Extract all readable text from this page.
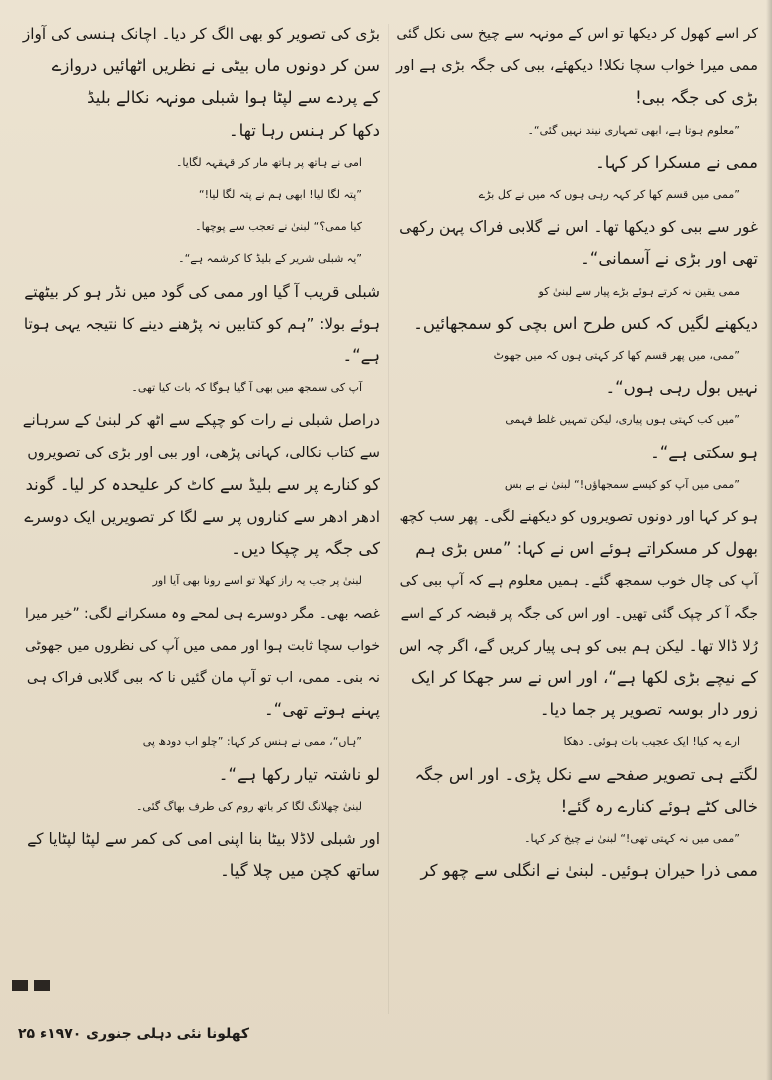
کر اسے کھول کر دیکھا تو اس کے مونہہ سے چیخ سی نکل گئی

ممی میرا خواب سچا نکلا! دیکھئے، ببی کی جگہ بڑی ہے اور

بڑی کی جگہ ببی!

”معلوم ہوتا ہے، ابھی تمہاری نیند نہیں گئی“۔

ممی نے مسکرا کر کہا۔

”ممی میں قسم کھا کر کہہ رہی ہوں کہ میں نے کل بڑے

غور سے ببی کو دیکھا تھا۔ اس نے گلابی فراک پہن رکھی

تھی اور بڑی نے آسمانی“۔

ممی یقین نہ کرتے ہوئے بڑے پیار سے لبنیٰ کو

دیکھنے لگیں کہ کس طرح اس بچی کو سمجھائیں۔

”ممی، میں پھر قسم کھا کر کہتی ہوں کہ میں جھوٹ

نہیں بول رہی ہوں“۔

”میں کب کہتی ہوں پیاری، لیکن تمہیں غلط فہمی

ہو سکتی ہے“۔

”ممی میں آپ کو کیسے سمجھاؤں!“ لبنیٰ نے بے بس

ہو کر کہا اور دونوں تصویروں کو دیکھنے لگی۔ پھر سب کچھ

بھول کر مسکراتے ہوئے اس نے کہا: ”مس بڑی ہم

آپ کی چال خوب سمجھ گئے۔ ہمیں معلوم ہے کہ آپ ببی کی

جگہ آ کر چپک گئی تھیں۔ اور اس کی جگہ پر قبضہ کر کے اسے

رُلا ڈالا تھا۔ لیکن ہم ببی کو ہی پیار کریں گے، اگر چہ اس

کے نیچے بڑی لکھا ہے“، اور اس نے سر جھکا کر ایک

زور دار بوسہ تصویر پر جما دیا۔

ارے یہ کیا! ایک عجیب بات ہوئی۔ دھکا

لگتے ہی تصویر صفحے سے نکل پڑی۔ اور اس جگہ

خالی کٹے ہوئے کنارے رہ گئے!

”ممی میں نہ کہتی تھی!“ لبنیٰ نے چیخ کر کہا۔

ممی ذرا حیران ہوئیں۔ لبنیٰ نے انگلی سے چھو کر

بڑی کی تصویر کو بھی الگ کر دیا۔ اچانک ہنسی کی آواز

سن کر دونوں ماں بیٹی نے نظریں اٹھائیں دروازے

کے پردے سے لپٹا ہوا شبلی مونہہ نکالے بلیڈ

دکھا کر ہنس رہا تھا۔

امی نے ہاتھ پر ہاتھ مار کر قہقہہ لگایا۔

”پتہ لگا لیا! ابھی ہم نے پتہ لگا لیا!“

کیا ممی؟“ لبنیٰ نے تعجب سے پوچھا۔

”یہ شبلی شریر کے بلیڈ کا کرشمہ ہے“۔

شبلی قریب آ گیا اور ممی کی گود میں نڈر ہو کر بیٹھتے

ہوئے بولا: ”ہم کو کتابیں نہ پڑھنے دینے کا نتیجہ یہی ہوتا

ہے“۔

آپ کی سمجھ میں بھی آ گیا ہوگا کہ بات کیا تھی۔

دراصل شبلی نے رات کو چپکے سے اٹھ کر لبنیٰ کے سرہانے

سے کتاب نکالی، کہانی پڑھی، اور ببی اور بڑی کی تصویروں

کو کنارے پر سے بلیڈ سے کاٹ کر علیحدہ کر لیا۔ گوند

ادھر ادھر سے کناروں پر سے لگا کر تصویریں ایک دوسرے

کی جگہ پر چپکا دیں۔

لبنیٰ پر جب یہ راز کھلا تو اسے رونا بھی آیا اور

غصہ بھی۔ مگر دوسرے ہی لمحے وہ مسکرانے لگی: ”خیر میرا

خواب سچا ثابت ہوا اور ممی میں آپ کی نظروں میں جھوٹی

نہ بنی۔ ممی، اب تو آپ مان گئیں نا کہ ببی گلابی فراک ہی

پہنے ہوتے تھی“۔

”ہاں“، ممی نے ہنس کر کہا: ”چلو اب دودھ پی

لو ناشتہ تیار رکھا ہے“۔

لبنیٰ چھلانگ لگا کر باتھ روم کی طرف بھاگ گئی۔

اور شبلی لاڈلا بیٹا بنا اپنی امی کی کمر سے لپٹا لپٹایا کے

ساتھ کچن میں چلا گیا۔

کھلونا نئی دہلی جنوری ۱۹۷۰ء ۲۵
